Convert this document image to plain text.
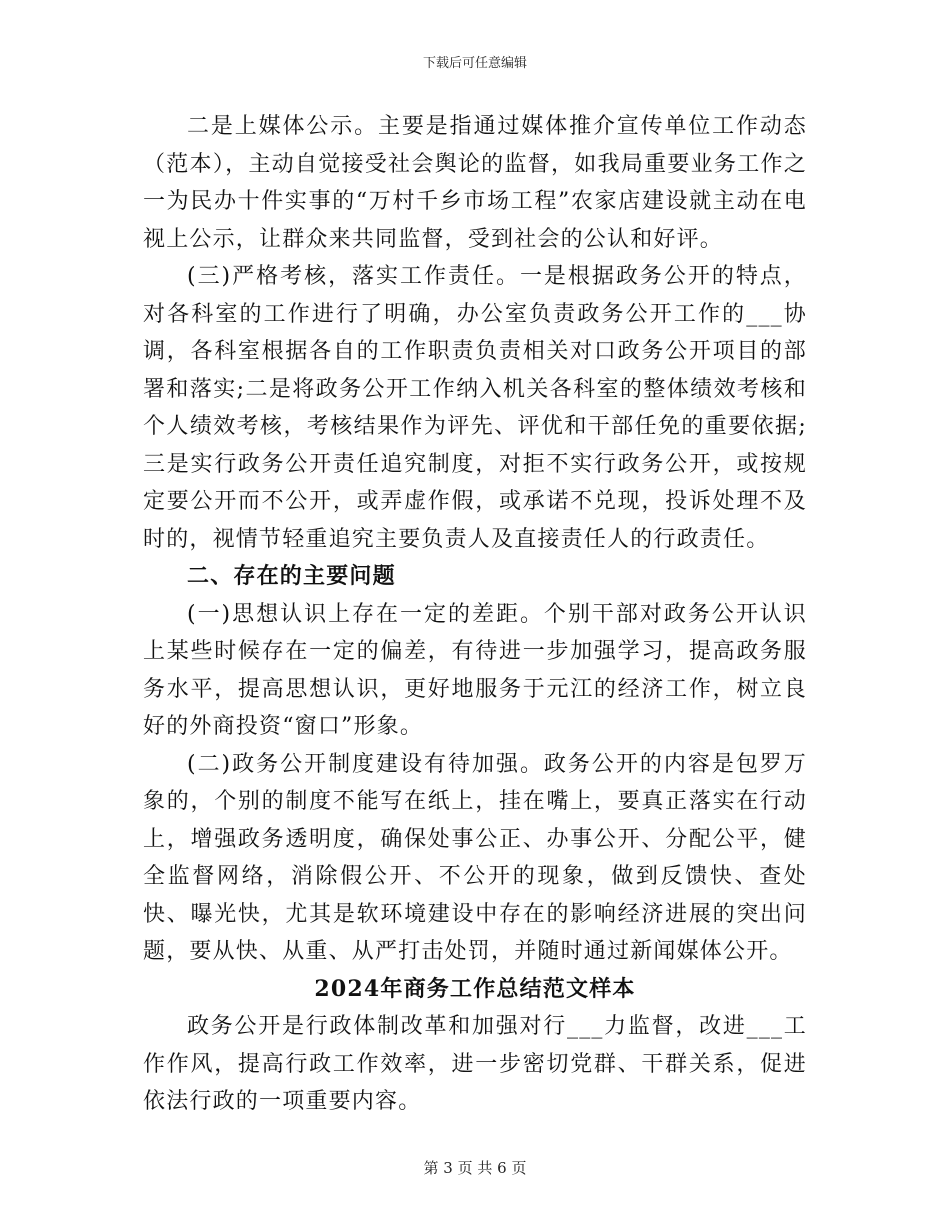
下载后可任意编辑

二是上媒体公示。主要是指通过媒体推介宣传单位工作动态（范本），主动自觉接受社会舆论的监督，如我局重要业务工作之一为民办十件实事的“万村千乡市场工程”农家店建设就主动在电视上公示，让群众来共同监督，受到社会的公认和好评。

(三)严格考核，落实工作责任。一是根据政务公开的特点，对各科室的工作进行了明确，办公室负责政务公开工作的___协调，各科室根据各自的工作职责负责相关对口政务公开项目的部署和落实;二是将政务公开工作纳入机关各科室的整体绩效考核和个人绩效考核，考核结果作为评先、评优和干部任免的重要依据;三是实行政务公开责任追究制度，对拒不实行政务公开，或按规定要公开而不公开，或弄虚作假，或承诺不兑现，投诉处理不及时的，视情节轻重追究主要负责人及直接责任人的行政责任。

二、存在的主要问题

(一)思想认识上存在一定的差距。个别干部对政务公开认识上某些时候存在一定的偏差，有待进一步加强学习，提高政务服务水平，提高思想认识，更好地服务于元江的经济工作，树立良好的外商投资“窗口”形象。

(二)政务公开制度建设有待加强。政务公开的内容是包罗万象的，个别的制度不能写在纸上，挂在嘴上，要真正落实在行动上，增强政务透明度，确保处事公正、办事公开、分配公平，健全监督网络，消除假公开、不公开的现象，做到反馈快、查处快、曝光快，尤其是软环境建设中存在的影响经济进展的突出问题，要从快、从重、从严打击处罚，并随时通过新闻媒体公开。

2024年商务工作总结范文样本

政务公开是行政体制改革和加强对行___力监督，改进___工作作风，提高行政工作效率，进一步密切党群、干群关系，促进依法行政的一项重要内容。

第 3 页 共 6 页
